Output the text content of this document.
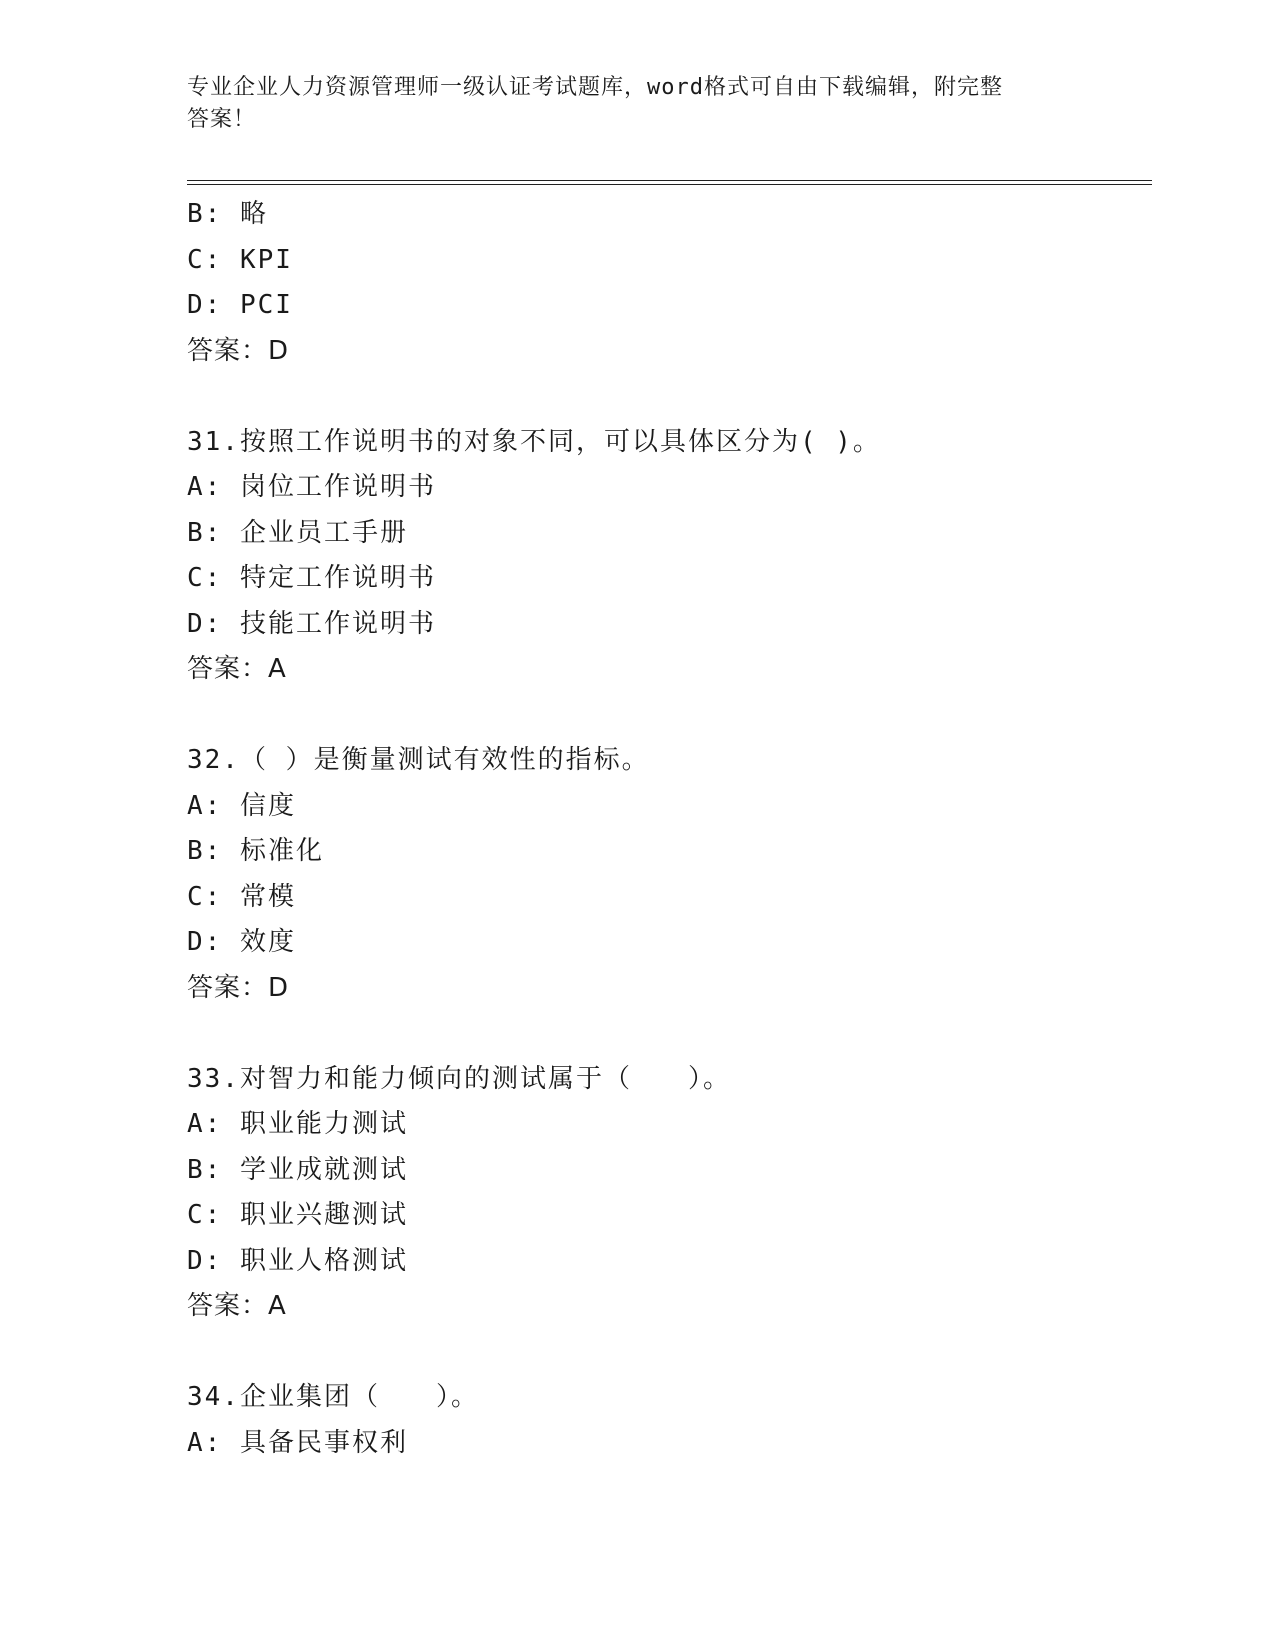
专业企业人力资源管理师一级认证考试题库，word格式可自由下载编辑，附完整
答案！
B: 略
C: KPI
D: PCI
答案：D
31.按照工作说明书的对象不同，可以具体区分为( )。
A: 岗位工作说明书
B: 企业员工手册
C: 特定工作说明书
D: 技能工作说明书
答案：A
32.（ ）是衡量测试有效性的指标。
A: 信度
B: 标准化
C: 常模
D: 效度
答案：D
33.对智力和能力倾向的测试属于（　　）。
A: 职业能力测试
B: 学业成就测试
C: 职业兴趣测试
D: 职业人格测试
答案：A
34.企业集团（　　）。
A: 具备民事权利
